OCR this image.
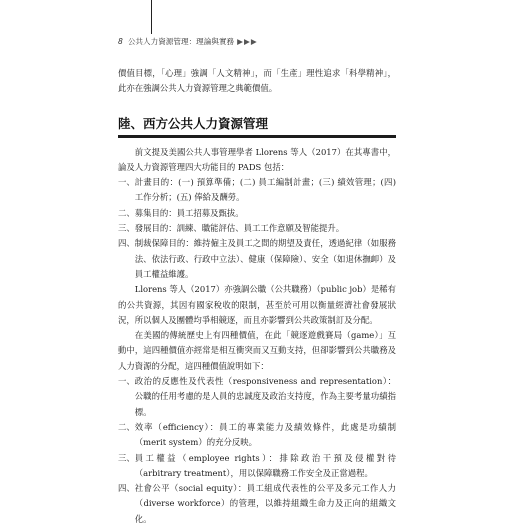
8 公共人力資源管理：理論與實務 ▶▶▶

價值目標，「心理」強調「人文精神」，而「生產」理性追求「科學精神」，此亦在強調公共人力資源管理之典範價值。

陸、西方公共人力資源管理

前文提及美國公共人事管理學者 Llorens 等人（2017）在其專書中，論及人力資源管理四大功能目的 PADS 包括：

一、 計畫目的：(一) 預算準備；(二) 員工編制計畫；(三) 績效管理；(四) 工作分析；(五) 俸給及酬勞。
二、 募集目的：員工招募及甄拔。
三、 發展目的：訓練、職能評估、員工工作意願及智能提升。
四、 制裁保障目的：維持僱主及員工之間的期望及責任，透過紀律（如服務法、依法行政、行政中立法）、健康（保障險）、安全（如退休撫卹）及員工權益維護。

Llorens 等人（2017）亦強調公職（公共職務）（public job）是稀有的公共資源，其因有國家稅收的限制，甚至於可用以衡量經濟社會發展狀況，所以個人及團體均爭相競逐，而且亦影響到公共政策制訂及分配。

在美國的傳統歷史上有四種價值，在此「競逐遊戲賽局（game）」互動中，這四種價值亦經常是相互衝突而又互動支持，但卻影響到公共職務及人力資源的分配，這四種價值說明如下：

一、 政治的反應性及代表性（responsiveness and representation）：公職的任用考慮的是人員的忠誠度及政治支持度，作為主要考量功績指標。
二、 效率（efficiency）：員工的專業能力及績效條件，此處是功績制（merit system）的充分反映。
三、 員工權益（employee rights）：排除政治干預及侵權對待（arbitrary treatment），用以保障職務工作安全及正當過程。
四、 社會公平（social equity）：員工組成代表性的公平及多元工作人力（diverse workforce）的管理，以維持組織生命力及正向的組織文化。
